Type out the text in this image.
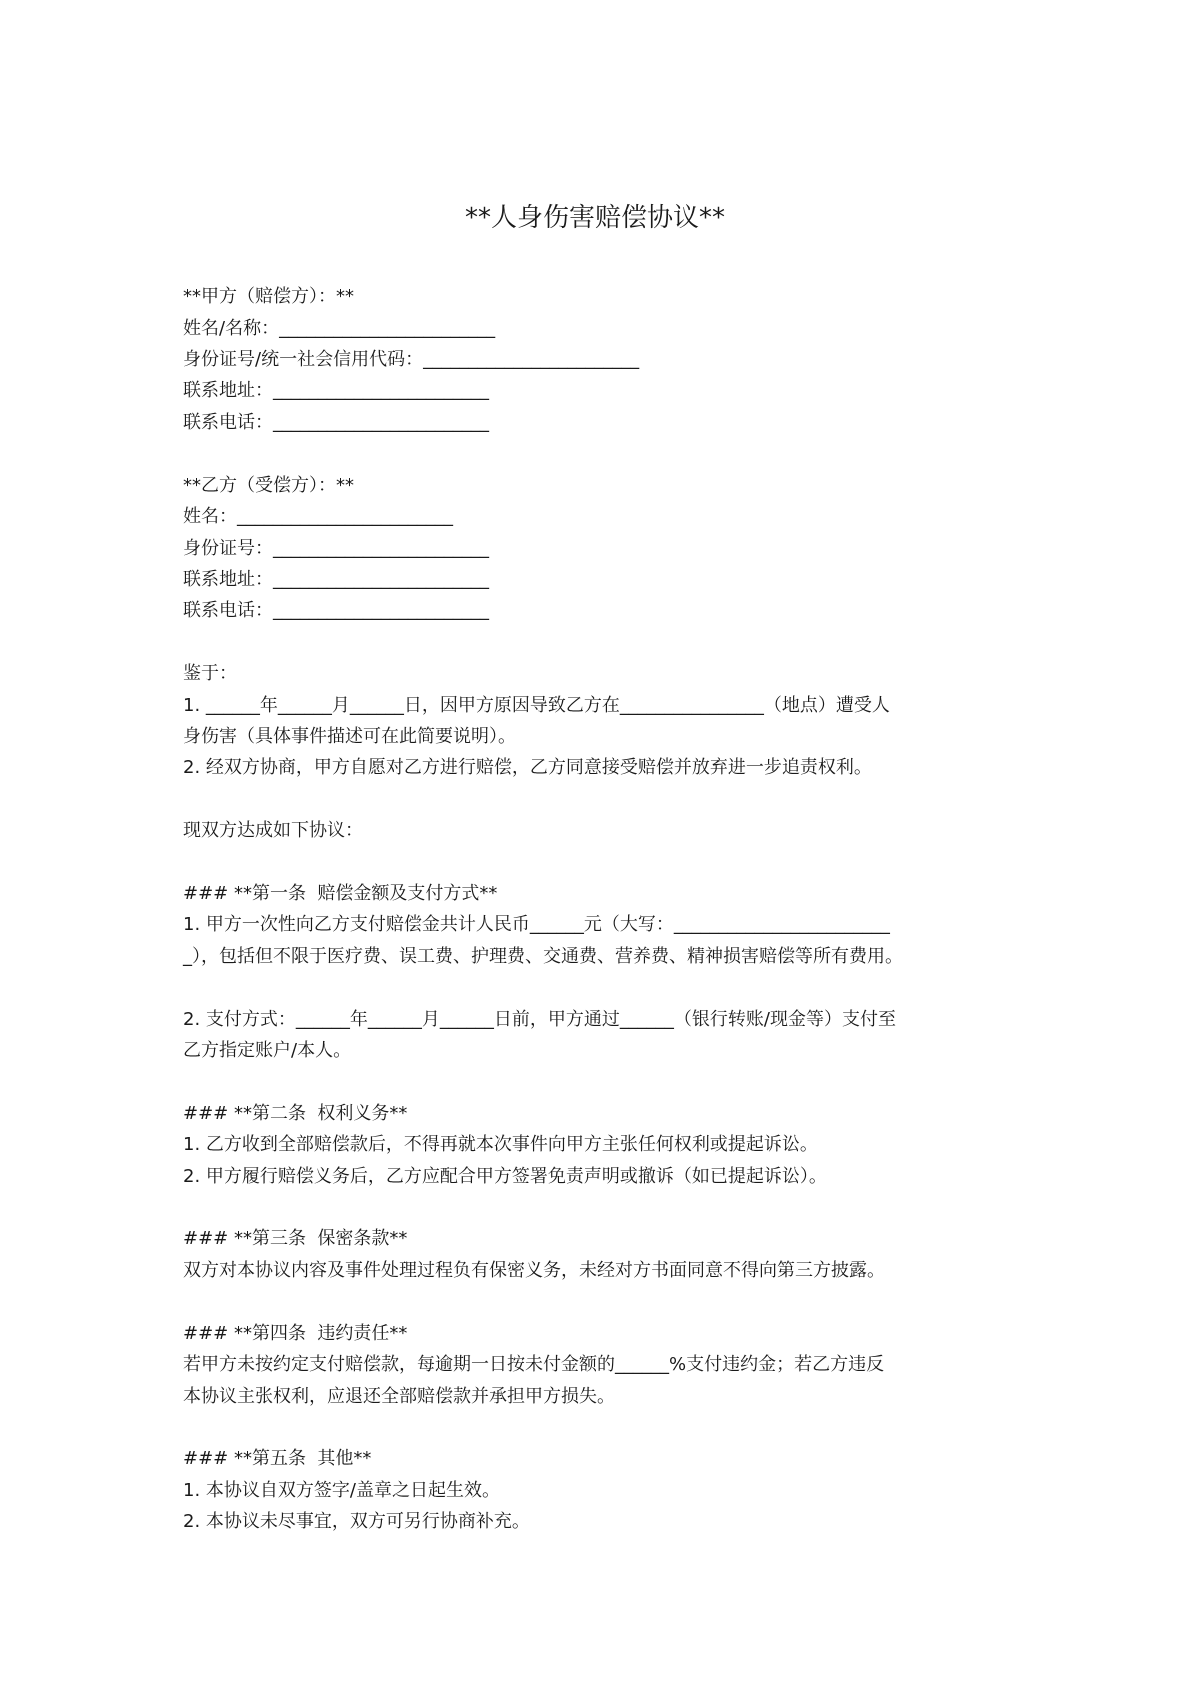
**人身伤害赔偿协议**
**甲方（赔偿方）：**
姓名/名称：________________________
身份证号/统一社会信用代码：________________________
联系地址：________________________
联系电话：________________________
**乙方（受偿方）：**
姓名：________________________
身份证号：________________________
联系地址：________________________
联系电话：________________________
鉴于：
1. ______年______月______日，因甲方原因导致乙方在________________（地点）遭受人
身伤害（具体事件描述可在此简要说明）。
2. 经双方协商，甲方自愿对乙方进行赔偿，乙方同意接受赔偿并放弃进一步追责权利。
现双方达成如下协议：
### **第一条  赔偿金额及支付方式**
1. 甲方一次性向乙方支付赔偿金共计人民币______元（大写：________________________
_），包括但不限于医疗费、误工费、护理费、交通费、营养费、精神损害赔偿等所有费用。
2. 支付方式：______年______月______日前，甲方通过______（银行转账/现金等）支付至
乙方指定账户/本人。
### **第二条  权利义务**
1. 乙方收到全部赔偿款后，不得再就本次事件向甲方主张任何权利或提起诉讼。
2. 甲方履行赔偿义务后，乙方应配合甲方签署免责声明或撤诉（如已提起诉讼）。
### **第三条  保密条款**
双方对本协议内容及事件处理过程负有保密义务，未经对方书面同意不得向第三方披露。
### **第四条  违约责任**
若甲方未按约定支付赔偿款，每逾期一日按未付金额的______%支付违约金；若乙方违反
本协议主张权利，应退还全部赔偿款并承担甲方损失。
### **第五条  其他**
1. 本协议自双方签字/盖章之日起生效。
2. 本协议未尽事宜，双方可另行协商补充。
